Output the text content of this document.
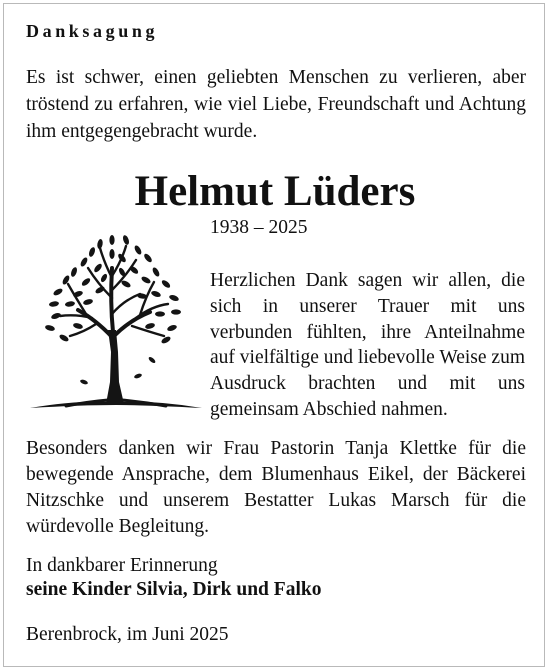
Danksagung

Es ist schwer, einen geliebten Menschen zu verlieren, aber tröstend zu erfahren, wie viel Liebe, Freundschaft und Achtung ihm entgegengebracht wurde.

Helmut Lüders

1938 – 2025

Herzlichen Dank sagen wir allen, die sich in unserer Trauer mit uns verbunden fühlten, ihre Anteilnahme auf vielfältige und liebevolle Weise zum Ausdruck brachten und mit uns gemeinsam Abschied nahmen.

Besonders danken wir Frau Pastorin Tanja Klettke für die bewegende Ansprache, dem Blumenhaus Eikel, der Bäckerei Nitzschke und unserem Bestatter Lukas Marsch für die würdevolle Begleitung.

In dankbarer Erinnerung

seine Kinder Silvia, Dirk und Falko

Berenbrock, im Juni 2025
